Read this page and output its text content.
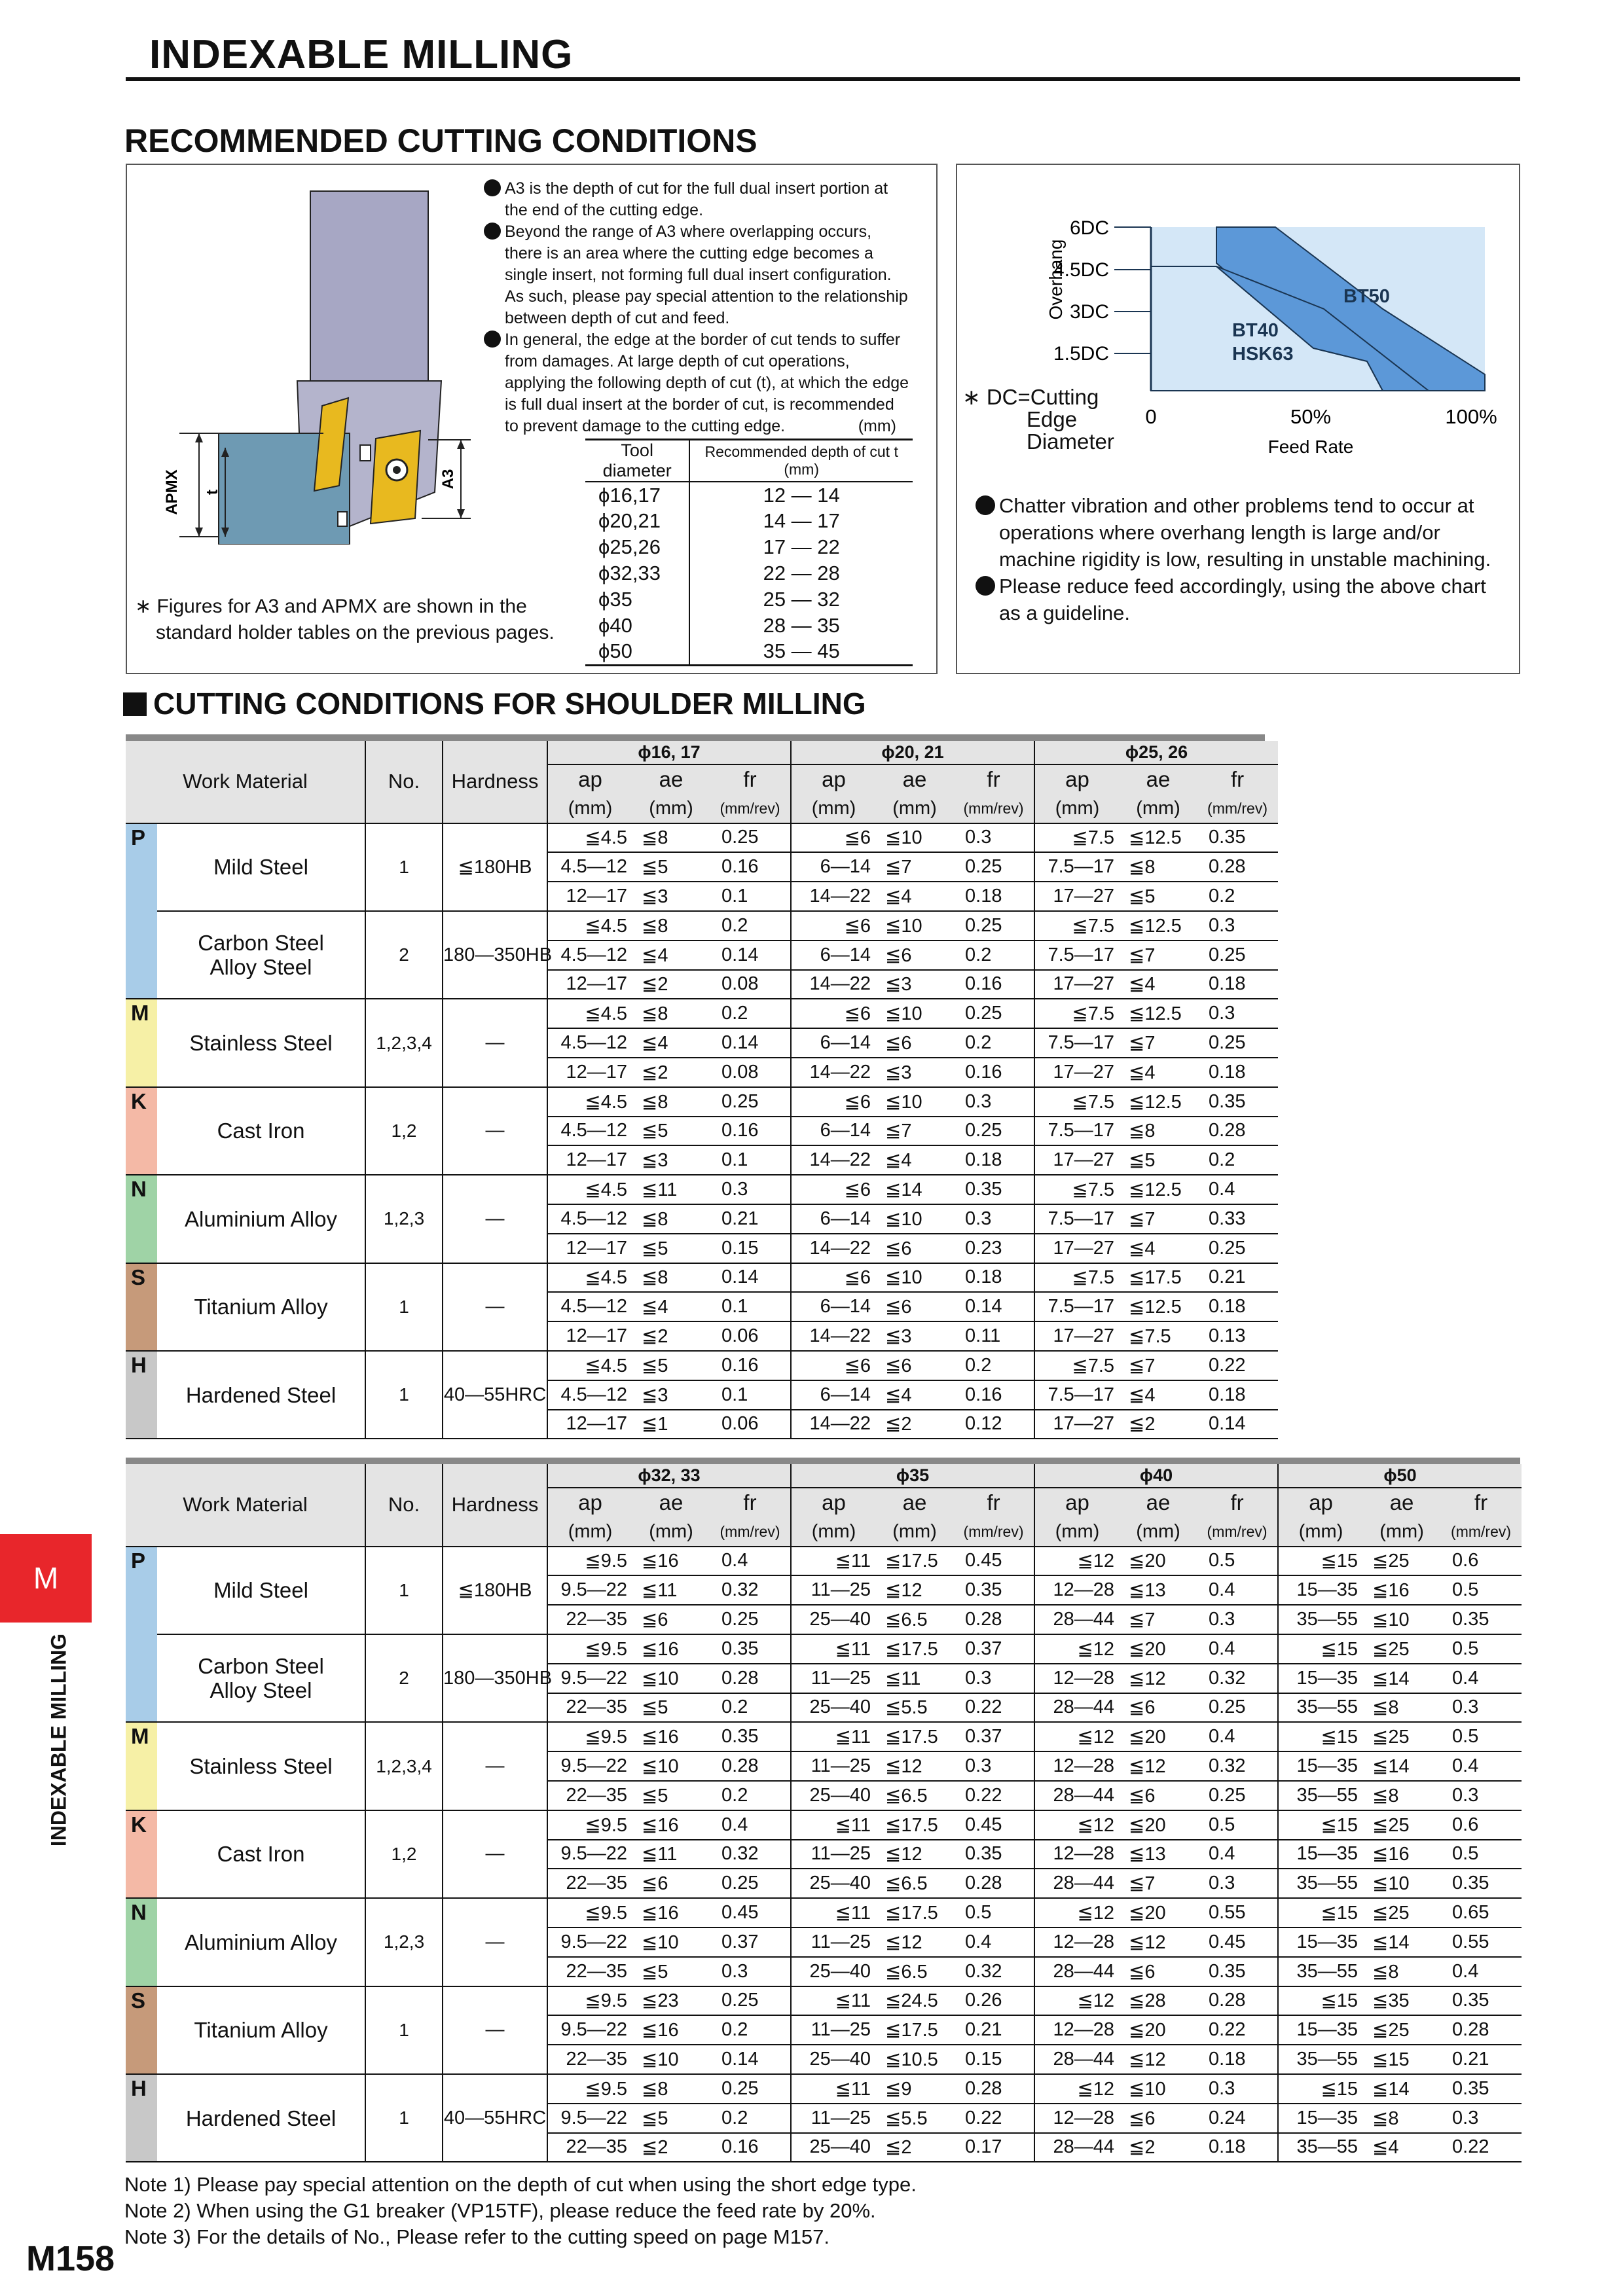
INDEXABLE MILLING
RECOMMENDED CUTTING CONDITIONS
APMX t
A3
A3 is the depth of cut for the full dual insert portion at
the end of the cutting edge.
Beyond the range of A3 where overlapping occurs,
there is an area where the cutting edge becomes a
single insert, not forming full dual insert configuration.
As such, please pay special attention to the relationship
between depth of cut and feed.
In general, the edge at the border of cut tends to suffer
from damages. At large depth of cut operations,
applying the following depth of cut (t), at which the edge
is full dual insert at the border of cut, is recommended
to prevent damage to the cutting edge.	(mm)
Tool diameter	Recommended depth of cut t (mm)
ϕ16,17	12 — 14
ϕ20,21	14 — 17
ϕ25,26	17 — 22
ϕ32,33	22 — 28
ϕ35	25 — 32
ϕ40	28 — 35
ϕ50	35 — 45
∗ Figures for A3 and APMX are shown in the
standard holder tables on the previous pages.
6DC
4.5DC
3DC
1.5DC
Overhang
0	50%	100%
Feed Rate
BT50
BT40
HSK63
∗ DC=Cutting
Edge
Diameter
Chatter vibration and other problems tend to occur at
operations where overhang length is large and/or
machine rigidity is low, resulting in unstable machining.
Please reduce feed accordingly, using the above chart
as a guideline.
CUTTING CONDITIONS FOR SHOULDER MILLING
Work Material		No.	Hardness	ϕ16, 17			ϕ20, 21			ϕ25, 26		
				ap	ae	fr	ap	ae	fr	ap	ae	fr
				(mm)	(mm)	(mm/rev)	(mm)	(mm)	(mm/rev)	(mm)	(mm)	(mm/rev)
P	Mild Steel	1	≦180HB	≦4.5	≦8	0.25	≦6	≦10	0.3	≦7.5	≦12.5	0.35
				4.5—12	≦5	0.16	6—14	≦7	0.25	7.5—17	≦8	0.28
				12—17	≦3	0.1	14—22	≦4	0.18	17—27	≦5	0.2

	Carbon Steel
Alloy Steel	2	180—350HB	≦4.5	≦8	0.2	≦6	≦10	0.25	≦7.5	≦12.5	0.3
				4.5—12	≦4	0.14	6—14	≦6	0.2	7.5—17	≦7	0.25
				12—17	≦2	0.08	14—22	≦3	0.16	17—27	≦4	0.18
M	Stainless Steel	1,2,3,4	—	≦4.5	≦8	0.2	≦6	≦10	0.25	≦7.5	≦12.5	0.3
				4.5—12	≦4	0.14	6—14	≦6	0.2	7.5—17	≦7	0.25
				12—17	≦2	0.08	14—22	≦3	0.16	17—27	≦4	0.18
K	Cast Iron	1,2	—	≦4.5	≦8	0.25	≦6	≦10	0.3	≦7.5	≦12.5	0.35
				4.5—12	≦5	0.16	6—14	≦7	0.25	7.5—17	≦8	0.28
				12—17	≦3	0.1	14—22	≦4	0.18	17—27	≦5	0.2
N	Aluminium Alloy	1,2,3	—	≦4.5	≦11	0.3	≦6	≦14	0.35	≦7.5	≦12.5	0.4
				4.5—12	≦8	0.21	6—14	≦10	0.3	7.5—17	≦7	0.33
				12—17	≦5	0.15	14—22	≦6	0.23	17—27	≦4	0.25
S	Titanium Alloy	1	—	≦4.5	≦8	0.14	≦6	≦10	0.18	≦7.5	≦17.5	0.21
				4.5—12	≦4	0.1	6—14	≦6	0.14	7.5—17	≦12.5	0.18
				12—17	≦2	0.06	14—22	≦3	0.11	17—27	≦7.5	0.13
H	Hardened Steel	1	40—55HRC	≦4.5	≦5	0.16	≦6	≦6	0.2	≦7.5	≦7	0.22
				4.5—12	≦3	0.1	6—14	≦4	0.16	7.5—17	≦4	0.18
				12—17	≦1	0.06	14—22	≦2	0.12	17—27	≦2	0.14
Work Material		No.	Hardness	ϕ32, 33			ϕ35			ϕ40			ϕ50		
				ap	ae	fr	ap	ae	fr	ap	ae	fr	ap	ae	fr
				(mm)	(mm)	(mm/rev)	(mm)	(mm)	(mm/rev)	(mm)	(mm)	(mm/rev)	(mm)	(mm)	(mm/rev)
P	Mild Steel	1	≦180HB	≦9.5	≦16	0.4	≦11	≦17.5	0.45	≦12	≦20	0.5	≦15	≦25	0.6
				9.5—22	≦11	0.32	11—25	≦12	0.35	12—28	≦13	0.4	15—35	≦16	0.5
				22—35	≦6	0.25	25—40	≦6.5	0.28	28—44	≦7	0.3	35—55	≦10	0.35

	Carbon Steel
Alloy Steel	2	180—350HB	≦9.5	≦16	0.35	≦11	≦17.5	0.37	≦12	≦20	0.4	≦15	≦25	0.5
				9.5—22	≦10	0.28	11—25	≦11	0.3	12—28	≦12	0.32	15—35	≦14	0.4
				22—35	≦5	0.2	25—40	≦5.5	0.22	28—44	≦6	0.25	35—55	≦8	0.3
M	Stainless Steel	1,2,3,4	—	≦9.5	≦16	0.35	≦11	≦17.5	0.37	≦12	≦20	0.4	≦15	≦25	0.5
				9.5—22	≦10	0.28	11—25	≦12	0.3	12—28	≦12	0.32	15—35	≦14	0.4
				22—35	≦5	0.2	25—40	≦6.5	0.22	28—44	≦6	0.25	35—55	≦8	0.3
K	Cast Iron	1,2	—	≦9.5	≦16	0.4	≦11	≦17.5	0.45	≦12	≦20	0.5	≦15	≦25	0.6
				9.5—22	≦11	0.32	11—25	≦12	0.35	12—28	≦13	0.4	15—35	≦16	0.5
				22—35	≦6	0.25	25—40	≦6.5	0.28	28—44	≦7	0.3	35—55	≦10	0.35
N	Aluminium Alloy	1,2,3	—	≦9.5	≦16	0.45	≦11	≦17.5	0.5	≦12	≦20	0.55	≦15	≦25	0.65
				9.5—22	≦10	0.37	11—25	≦12	0.4	12—28	≦12	0.45	15—35	≦14	0.55
				22—35	≦5	0.3	25—40	≦6.5	0.32	28—44	≦6	0.35	35—55	≦8	0.4
S	Titanium Alloy	1	—	≦9.5	≦23	0.25	≦11	≦24.5	0.26	≦12	≦28	0.28	≦15	≦35	0.35
				9.5—22	≦16	0.2	11—25	≦17.5	0.21	12—28	≦20	0.22	15—35	≦25	0.28
				22—35	≦10	0.14	25—40	≦10.5	0.15	28—44	≦12	0.18	35—55	≦15	0.21
H	Hardened Steel	1	40—55HRC	≦9.5	≦8	0.25	≦11	≦9	0.28	≦12	≦10	0.3	≦15	≦14	0.35
				9.5—22	≦5	0.2	11—25	≦5.5	0.22	12—28	≦6	0.24	15—35	≦8	0.3
				22—35	≦2	0.16	25—40	≦2	0.17	28—44	≦2	0.18	35—55	≦4	0.22
Note 1) Please pay special attention on the depth of cut when using the short edge type.
Note 2) When using the G1 breaker (VP15TF), please reduce the feed rate by 20%.
Note 3) For the details of No., Please refer to the cutting speed on page M157.
M
INDEXABLE MILLING
M158
